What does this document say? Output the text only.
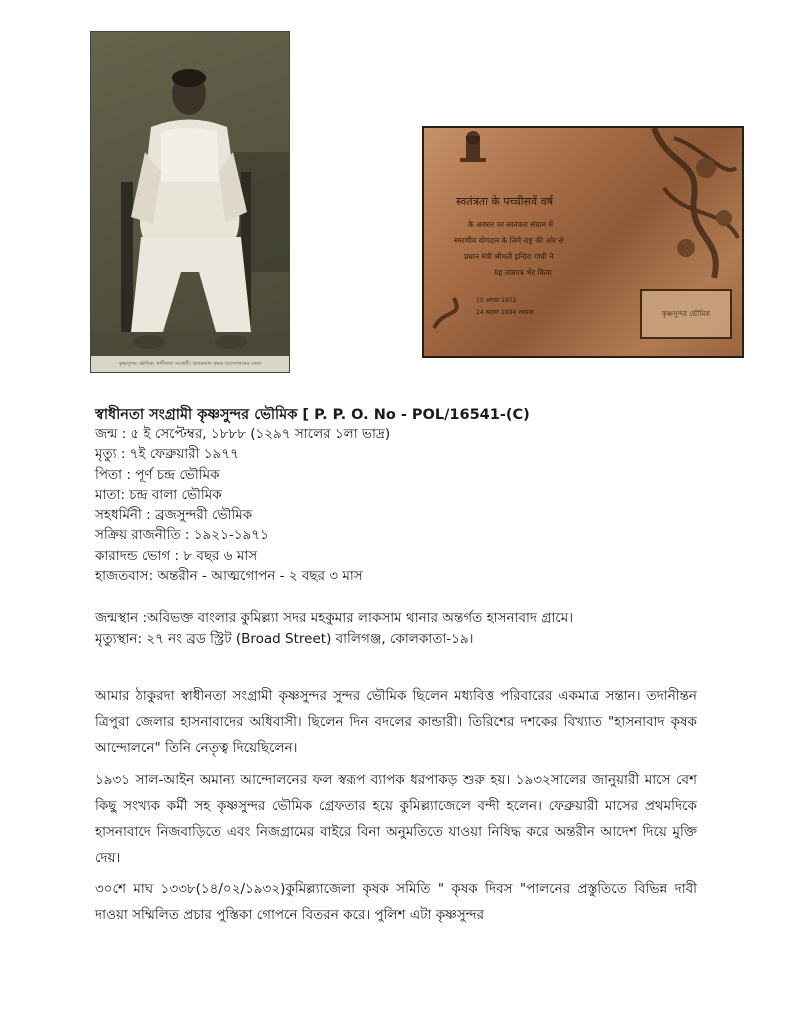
কৃষ্ণসুন্দর ভৌমিক, স্বাধীনতা সংগ্রামী, হাসনাবাদ কৃষক আন্দোলনের নেতা
स्वतंत्रता के पच्चीसवें वर्ष
के अवसर पर स्वतंत्रता संग्राम में
स्मरणीय योगदान के लिये राष्ट्र की ओर से
प्रधान मंत्री श्रीमती इन्दिरा गांधी ने
यह ताम्रपत्र भेंट किया
15 अगस्त 1972
24 श्रावण 1894 शकाब्द	কৃষ্ণসুন্দর ভৌমিক
স্বাধীনতা সংগ্রামী কৃষ্ণসুন্দর ভৌমিক [ P. P. O. No - POL/16541-(C)
জন্ম : ৫ ই সেপ্টেম্বর, ১৮৮৮ (১২৯৭ সালের ১লা ভাদ্র)
মৃত্যু : ৭ই ফেব্রুয়ারী ১৯৭৭
পিতা : পূর্ণ চন্দ্র ভৌমিক
মাতা: চন্দ্র বালা ভৌমিক
সহধর্মিনী : ব্রজসুন্দরী ভৌমিক
সক্রিয় রাজনীতি : ১৯২১-১৯৭১
কারাদন্ড ভোগ : ৮ বছর ৬ মাস
হাজতবাস: অন্তরীন - আত্মগোপন - ২ বছর ৩ মাস
জন্মস্থান :অবিভক্ত বাংলার কুমিল্ল্যা সদর মহকুমার লাকসাম থানার অন্তর্গত হাসনাবাদ গ্রামে।
মৃত্যুস্থান: ২৭ নং ব্রড স্ট্রিট (Broad Street) বালিগঞ্জ, কোলকাতা-১৯।
আমার ঠাকুরদা স্বাধীনতা সংগ্রামী কৃষ্ণসুন্দর সুন্দর ভৌমিক ছিলেন মধ্যবিত্ত পরিবারের একমাত্র সন্তান। তদানীন্তন ত্রিপুরা জেলার হাসনাবাদের অধিবাসী। ছিলেন দিন বদলের কান্ডারী। তিরিশের দশকের বিখ্যাত "হাসনাবাদ কৃষক আন্দোলনে" তিনি নেতৃত্ব দিয়েছিলেন।
১৯৩১ সাল-আইন অমান্য আন্দোলনের ফল স্বরূপ ব্যাপক ধরপাকড় শুরু হয়। ১৯৩২সালের জানুয়ারী মাসে বেশ কিছু সংখ্যক কর্মী সহ কৃষ্ণসুন্দর ভৌমিক গ্রেফতার হয়ে কুমিল্ল্যাজেলে বন্দী হলেন। ফেব্রুয়ারী মাসের প্রথমদিকে হাসনাবাদে নিজবাড়িতে এবং নিজগ্রামের বাইরে বিনা অনুমতিতে যাওয়া নিষিদ্ধ করে অন্তরীন আদেশ দিয়ে মুক্তি দেয়।
৩০শে মাঘ ১৩৩৮(১৪/০২/১৯৩২)কুমিল্ল্যাজেলা কৃষক সমিতি " কৃষক দিবস "পালনের প্রস্তুতিতে বিভিন্ন দাবী দাওয়া সম্মিলিত প্রচার পুস্তিকা গোপনে বিতরন করে। পুলিশ এটা কৃষ্ণসুন্দর
